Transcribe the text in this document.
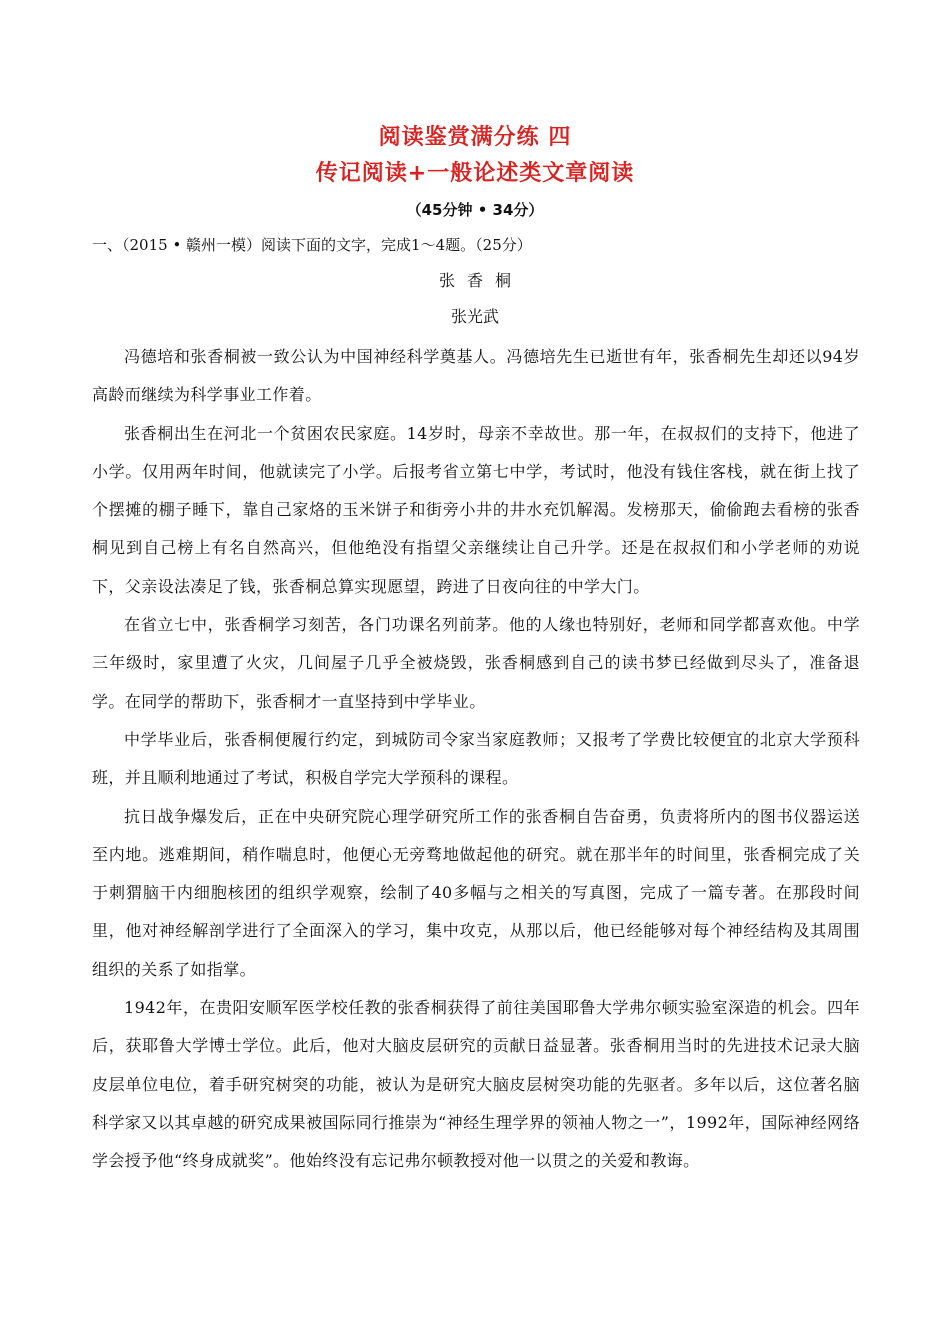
阅读鉴赏满分练 四
传记阅读+一般论述类文章阅读
（45分钟 • 34分）
一、（2015 • 赣州一模）阅读下面的文字，完成1～4题。（25分）
张香桐
张光武

冯德培和张香桐被一致公认为中国神经科学奠基人。冯德培先生已逝世有年，张香桐先生却还以94岁高龄而继续为科学事业工作着。

张香桐出生在河北一个贫困农民家庭。14岁时，母亲不幸故世。那一年，在叔叔们的支持下，他进了小学。仅用两年时间，他就读完了小学。后报考省立第七中学，考试时，他没有钱住客栈，就在街上找了个摆摊的棚子睡下，靠自己家烙的玉米饼子和街旁小井的井水充饥解渴。发榜那天，偷偷跑去看榜的张香桐见到自己榜上有名自然高兴，但他绝没有指望父亲继续让自己升学。还是在叔叔们和小学老师的劝说下，父亲设法凑足了钱，张香桐总算实现愿望，跨进了日夜向往的中学大门。

在省立七中，张香桐学习刻苦，各门功课名列前茅。他的人缘也特别好，老师和同学都喜欢他。中学三年级时，家里遭了火灾，几间屋子几乎全被烧毁，张香桐感到自己的读书梦已经做到尽头了，准备退学。在同学的帮助下，张香桐才一直坚持到中学毕业。

中学毕业后，张香桐便履行约定，到城防司令家当家庭教师；又报考了学费比较便宜的北京大学预科班，并且顺利地通过了考试，积极自学完大学预科的课程。

抗日战争爆发后，正在中央研究院心理学研究所工作的张香桐自告奋勇，负责将所内的图书仪器运送至内地。逃难期间，稍作喘息时，他便心无旁骛地做起他的研究。就在那半年的时间里，张香桐完成了关于刺猬脑干内细胞核团的组织学观察，绘制了40多幅与之相关的写真图，完成了一篇专著。在那段时间里，他对神经解剖学进行了全面深入的学习，集中攻克，从那以后，他已经能够对每个神经结构及其周围组织的关系了如指掌。

1942年，在贵阳安顺军医学校任教的张香桐获得了前往美国耶鲁大学弗尔顿实验室深造的机会。四年后，获耶鲁大学博士学位。此后，他对大脑皮层研究的贡献日益显著。张香桐用当时的先进技术记录大脑皮层单位电位，着手研究树突的功能，被认为是研究大脑皮层树突功能的先驱者。多年以后，这位著名脑科学家又以其卓越的研究成果被国际同行推崇为“神经生理学界的领袖人物之一”，1992年，国际神经网络学会授予他“终身成就奖”。他始终没有忘记弗尔顿教授对他一以贯之的关爱和教诲。
